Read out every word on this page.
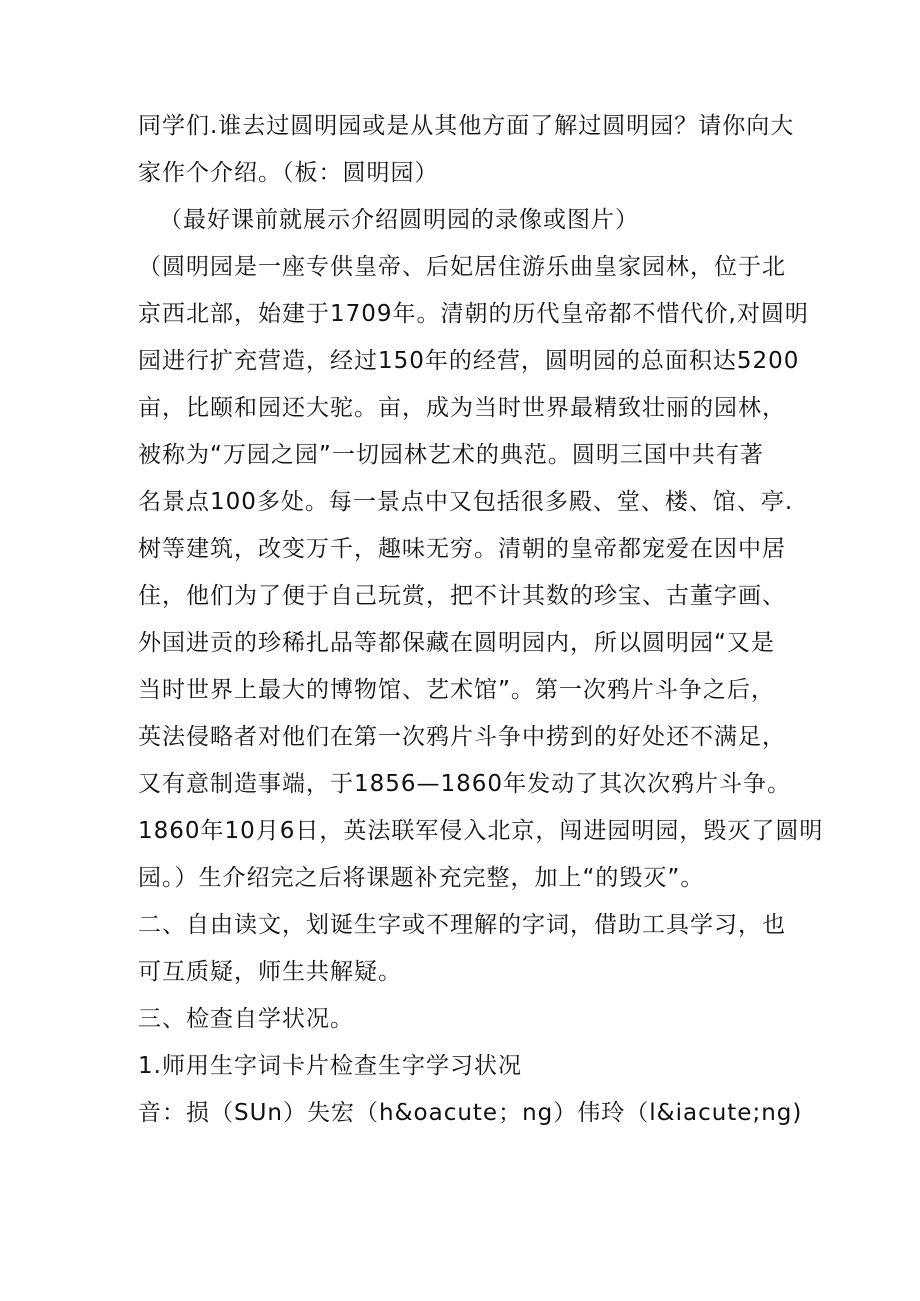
同学们.谁去过圆明园或是从其他方面了解过圆明园？请你向大
家作个介绍。（板：圆明园）
（最好课前就展示介绍圆明园的录像或图片）
（圆明园是一座专供皇帝、后妃居住游乐曲皇家园林，位于北
京西北部，始建于1709年。清朝的历代皇帝都不惜代价,对圆明
园进行扩充营造，经过150年的经营，圆明园的总面积达5200
亩，比颐和园还大驼。亩，成为当时世界最精致壮丽的园林，
被称为“万园之园”一切园林艺术的典范。圆明三国中共有著
名景点100多处。每一景点中又包括很多殿、堂、楼、馆、亭.
树等建筑，改变万千，趣味无穷。清朝的皇帝都宠爱在因中居
住，他们为了便于自己玩赏，把不计其数的珍宝、古董字画、
外国进贡的珍稀扎品等都保藏在圆明园内，所以圆明园“又是
当时世界上最大的博物馆、艺术馆”。第一次鸦片斗争之后，
英法侵略者对他们在第一次鸦片斗争中捞到的好处还不满足，
又有意制造事端，于1856—1860年发动了其次次鸦片斗争。
1860年10月6日，英法联军侵入北京，闯进园明园，毁灭了圆明
园。）生介绍完之后将课题补充完整，加上“的毁灭”。
二、自由读文，划诞生字或不理解的字词，借助工具学习，也
可互质疑，师生共解疑。
三、检查自学状况。
1.师用生字词卡片检查生字学习状况
音：损（SUn）失宏（h&oacute；ng）伟玲（l&iacute;ng)
